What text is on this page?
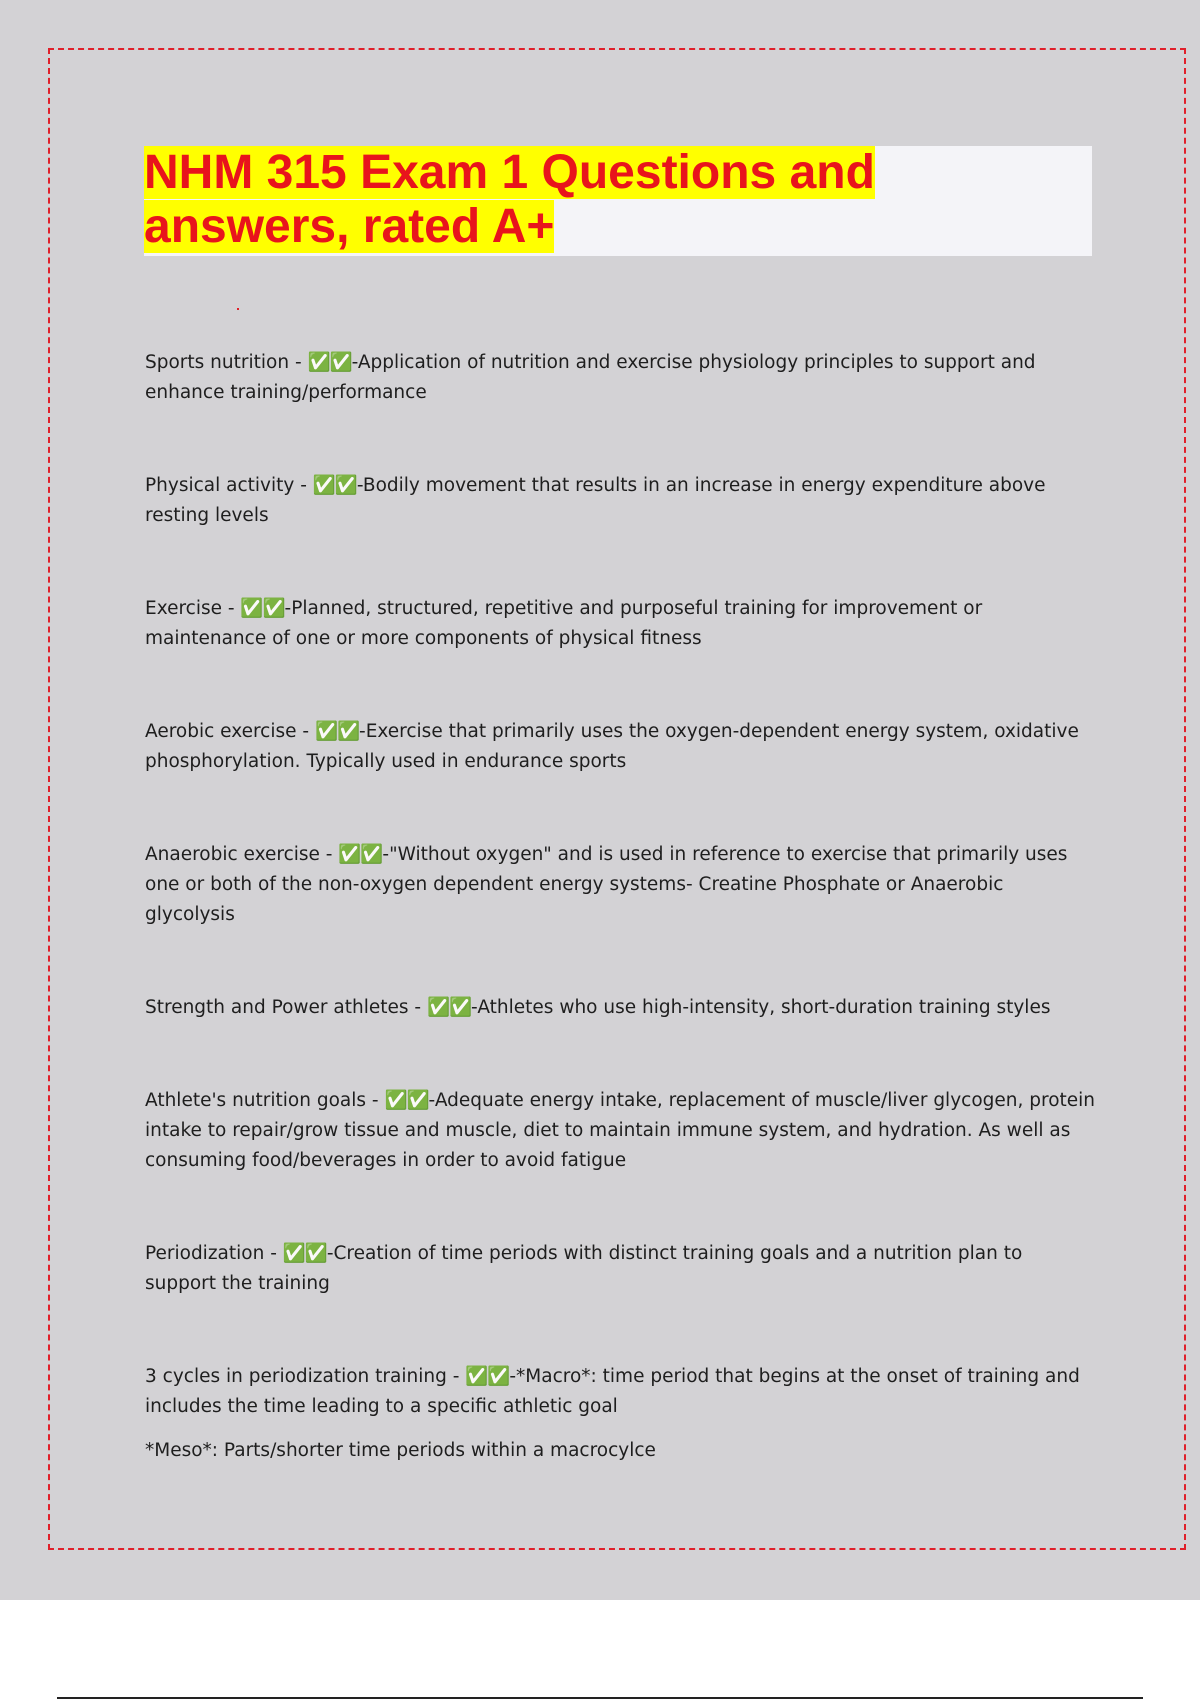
NHM 315 Exam 1 Questions and
answers, rated A+

Sports nutrition - ✅✅-Application of nutrition and exercise physiology principles to support and enhance training/performance

Physical activity - ✅✅-Bodily movement that results in an increase in energy expenditure above resting levels

Exercise - ✅✅-Planned, structured, repetitive and purposeful training for improvement or maintenance of one or more components of physical fitness

Aerobic exercise - ✅✅-Exercise that primarily uses the oxygen-dependent energy system, oxidative phosphorylation. Typically used in endurance sports

Anaerobic exercise - ✅✅-"Without oxygen" and is used in reference to exercise that primarily uses one or both of the non-oxygen dependent energy systems- Creatine Phosphate or Anaerobic glycolysis

Strength and Power athletes - ✅✅-Athletes who use high-intensity, short-duration training styles

Athlete's nutrition goals - ✅✅-Adequate energy intake, replacement of muscle/liver glycogen, protein intake to repair/grow tissue and muscle, diet to maintain immune system, and hydration. As well as consuming food/beverages in order to avoid fatigue

Periodization - ✅✅-Creation of time periods with distinct training goals and a nutrition plan to support the training

3 cycles in periodization training - ✅✅-*Macro*: time period that begins at the onset of training and includes the time leading to a specific athletic goal

*Meso*: Parts/shorter time periods within a macrocylce
